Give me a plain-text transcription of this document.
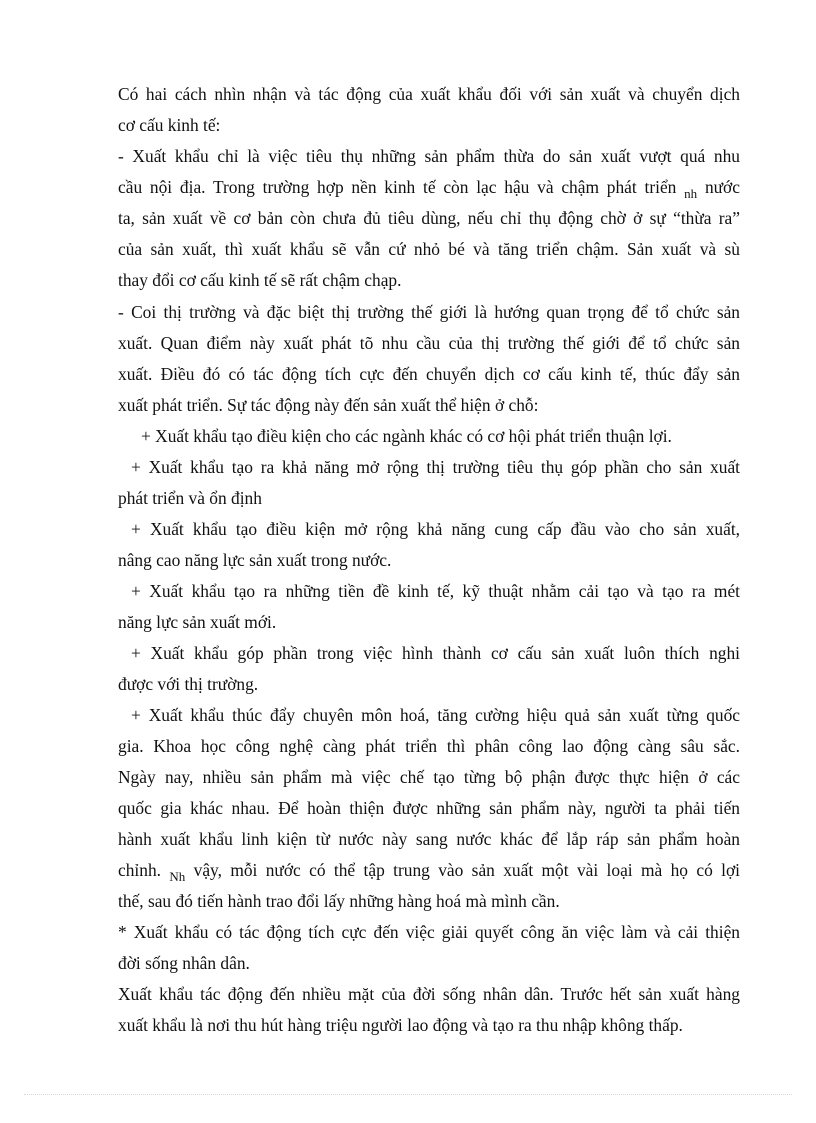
Có hai cách nhìn nhận và tác động của xuất khẩu đối với sản xuất và chuyển dịch
cơ cấu kinh tế:
- Xuất khẩu chỉ là việc tiêu thụ những sản phẩm thừa do sản xuất vượt quá nhu
cầu nội địa. Trong trường hợp nền kinh tế còn lạc hậu và chậm phát triển $_{nh}$ nước
ta, sản xuất về cơ bản còn chưa đủ tiêu dùng, nếu chỉ thụ động chờ ở sự “thừa ra”
của sản xuất, thì xuất khẩu sẽ vẫn cứ nhỏ bé và tăng triển chậm. Sản xuất và sù
thay đổi cơ cấu kinh tế sẽ rất chậm chạp.
- Coi thị trường và đặc biệt thị trường thế giới là hướng quan trọng để tổ chức sản
xuất. Quan điểm này xuất phát tõ nhu cầu của thị trường thế giới để tổ chức sản
xuất. Điều đó có tác động tích cực đến chuyển dịch cơ cấu kinh tế, thúc đẩy sản
xuất phát triển. Sự tác động này đến sản xuất thể hiện ở chỗ:
+ Xuất khẩu tạo điều kiện cho các ngành khác có cơ hội phát triển thuận lợi.
+ Xuất khẩu tạo ra khả năng mở rộng thị trường tiêu thụ góp phần cho sản xuất
phát triển và ổn định
+ Xuất khẩu tạo điều kiện mở rộng khả năng cung cấp đầu vào cho sản xuất,
nâng cao năng lực sản xuất trong nước.
+ Xuất khẩu tạo ra những tiền đề kinh tế, kỹ thuật nhằm cải tạo và tạo ra mét
năng lực sản xuất mới.
+ Xuất khẩu góp phần trong việc hình thành cơ cấu sản xuất luôn thích nghi
được với thị trường.
+ Xuất khẩu thúc đẩy chuyên môn hoá, tăng cường hiệu quả sản xuất từng quốc
gia. Khoa học công nghệ càng phát triển thì phân công lao động càng sâu sắc.
Ngày nay, nhiều sản phẩm mà việc chế tạo từng bộ phận được thực hiện ở các
quốc gia khác nhau. Để hoàn thiện được những sản phẩm này, người ta phải tiến
hành xuất khẩu linh kiện từ nước này sang nước khác để lắp ráp sản phẩm hoàn
chỉnh. $_{Nh}$ vậy, mỗi nước có thể tập trung vào sản xuất một vài loại mà họ có lợi
thế, sau đó tiến hành trao đổi lấy những hàng hoá mà mình cần.
* Xuất khẩu có tác động tích cực đến việc giải quyết công ăn việc làm và cải thiện
đời sống nhân dân.
Xuất khẩu tác động đến nhiều mặt của đời sống nhân dân. Trước hết sản xuất hàng
xuất khẩu là nơi thu hút hàng triệu người lao động và tạo ra thu nhập không thấp.
